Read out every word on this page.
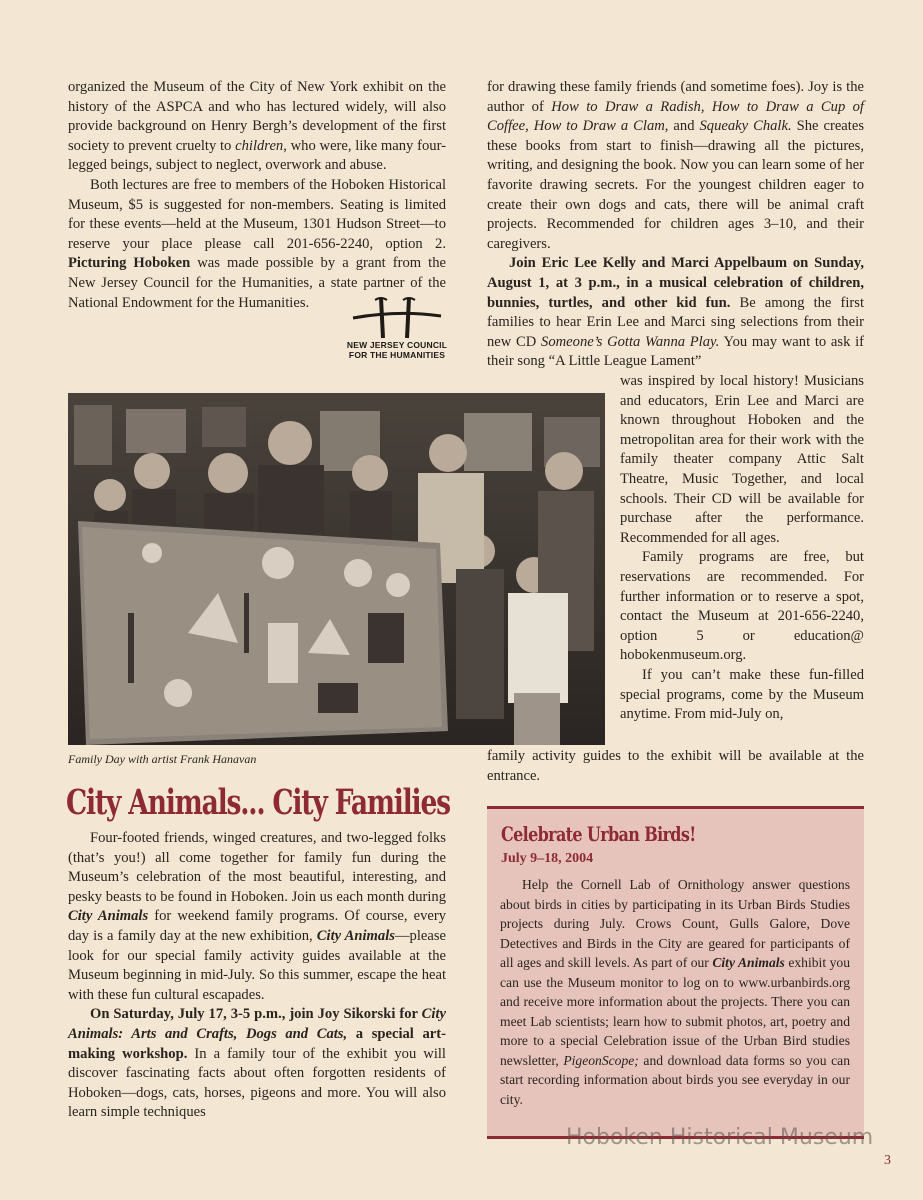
organized the Museum of the City of New York exhibit on the history of the ASPCA and who has lectured widely, will also provide background on Henry Bergh’s development of the first society to prevent cruelty to children, who were, like many four-legged beings, subject to neglect, overwork and abuse.

Both lectures are free to members of the Hoboken Historical Museum, $5 is suggested for non-members. Seating is limited for these events—held at the Museum, 1301 Hudson Street—to reserve your place please call 201-656-2240, option 2. Picturing Hoboken was made possible by a grant from the New Jersey Council for the Humanities, a state partner of the National Endowment for the Humanities.

NEW JERSEY COUNCIL
FOR THE HUMANITIES

for drawing these family friends (and sometime foes). Joy is the author of How to Draw a Radish, How to Draw a Cup of Coffee, How to Draw a Clam, and Squeaky Chalk. She creates these books from start to finish—drawing all the pictures, writing, and designing the book. Now you can learn some of her favorite drawing secrets. For the youngest children eager to create their own dogs and cats, there will be animal craft projects. Recommended for children ages 3–10, and their caregivers.

Join Eric Lee Kelly and Marci Appelbaum on Sunday, August 1, at 3 p.m., in a musical celebration of children, bunnies, turtles, and other kid fun. Be among the first families to hear Erin Lee and Marci sing selections from their new CD Someone’s Gotta Wanna Play. You may want to ask if their song “A Little League Lament”

was inspired by local history! Musicians and educators, Erin Lee and Marci are known throughout Hoboken and the metropolitan area for their work with the family theater company Attic Salt Theatre, Music Together, and local schools. Their CD will be available for purchase after the performance. Recommended for all ages.

Family programs are free, but reservations are recommended. For further information or to reserve a spot, contact the Museum at 201-656-2240, option 5 or education@ hobokenmuseum.org.

If you can’t make these fun-filled special programs, come by the Museum anytime. From mid-July on,

family activity guides to the exhibit will be available at the entrance.

Family Day with artist Frank Hanavan
City Animals... City Families

Four-footed friends, winged creatures, and two-legged folks (that’s you!) all come together for family fun during the Museum’s celebration of the most beautiful, interesting, and pesky beasts to be found in Hoboken. Join us each month during City Animals for weekend family programs. Of course, every day is a family day at the new exhibition, City Animals—please look for our special family activity guides available at the Museum beginning in mid-July. So this summer, escape the heat with these fun cultural escapades.

On Saturday, July 17, 3-5 p.m., join Joy Sikorski for City Animals: Arts and Crafts, Dogs and Cats, a special art-making workshop. In a family tour of the exhibit you will discover fascinating facts about often forgotten residents of Hoboken—dogs, cats, horses, pigeons and more. You will also learn simple techniques

Celebrate Urban Birds!
July 9–18, 2004

Help the Cornell Lab of Ornithology answer questions about birds in cities by participating in its Urban Birds Studies projects during July. Crows Count, Gulls Galore, Dove Detectives and Birds in the City are geared for participants of all ages and skill levels. As part of our City Animals exhibit you can use the Museum monitor to log on to www.urbanbirds.org and receive more information about the projects. There you can meet Lab scientists; learn how to submit photos, art, poetry and more to a special Celebration issue of the Urban Bird studies newsletter, PigeonScope; and download data forms so you can start recording information about birds you see everyday in our city.

Hoboken Historical Museum
3
